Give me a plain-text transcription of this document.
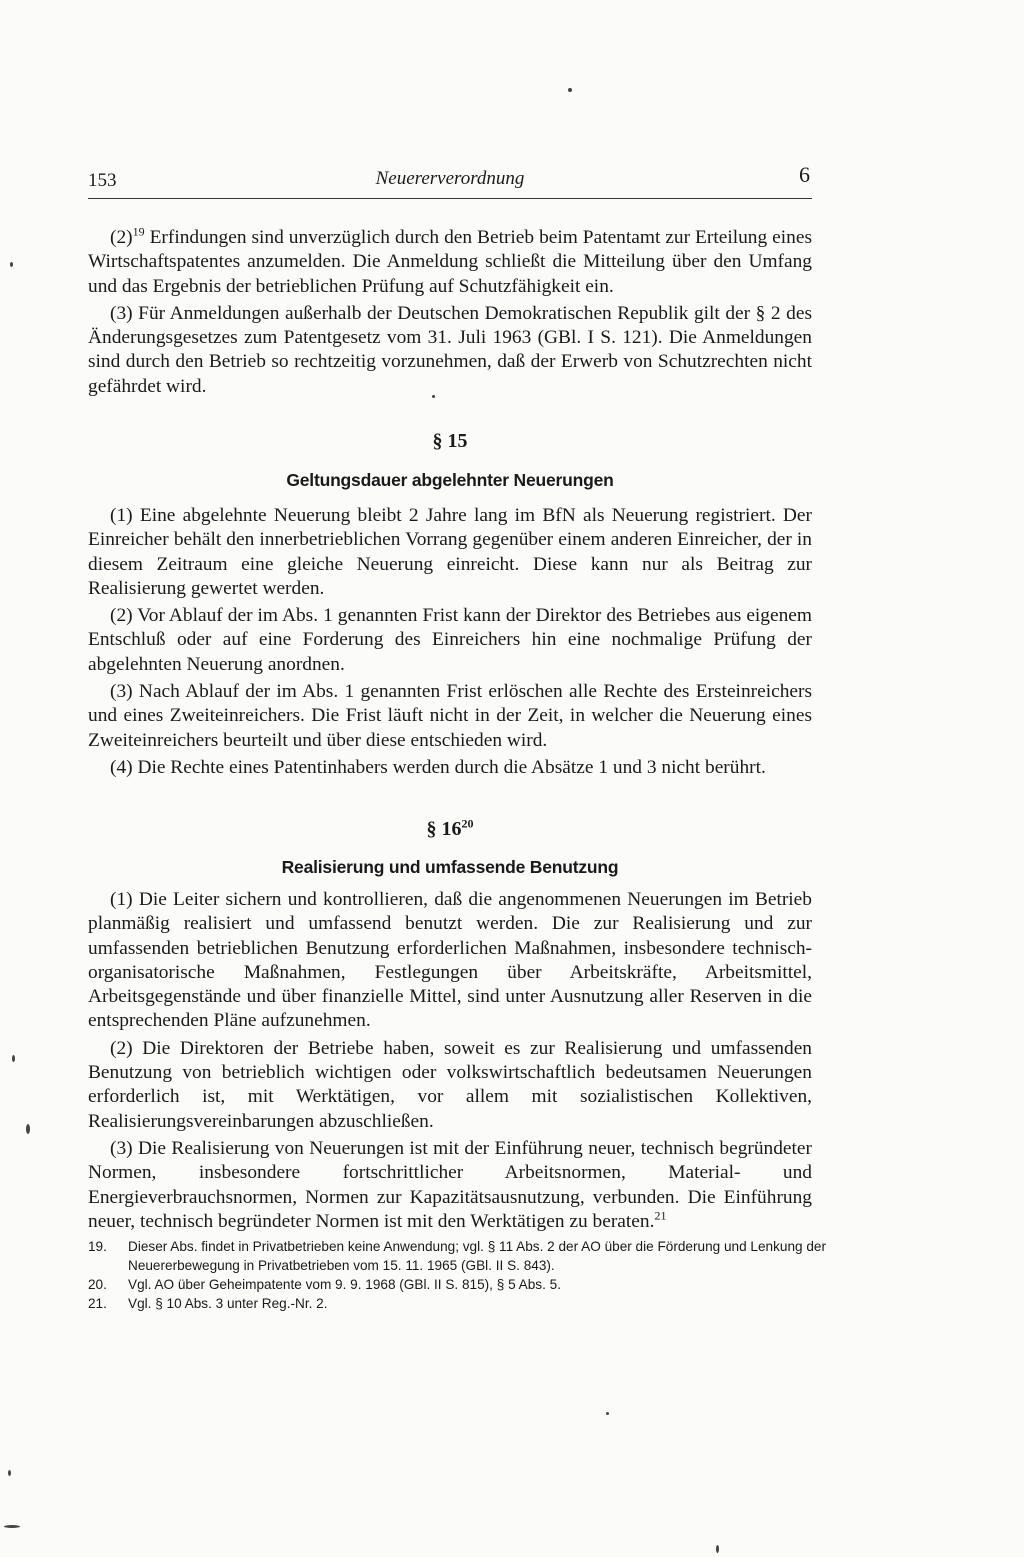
153	Neuererverordnung	6

$(2)^{19}$ Erfindungen sind unverzüglich durch den Betrieb beim Patentamt zur Erteilung eines Wirtschaftspatentes anzumelden. Die Anmeldung schließt die Mitteilung über den Umfang und das Ergebnis der betrieblichen Prüfung auf Schutzfähigkeit ein.

(3) Für Anmeldungen außerhalb der Deutschen Demokratischen Republik gilt der § 2 des Änderungsgesetzes zum Patentgesetz vom 31. Juli 1963 (GBl. I S. 121). Die Anmeldungen sind durch den Betrieb so rechtzeitig vorzunehmen, daß der Erwerb von Schutzrechten nicht gefährdet wird.

§ 15
Geltungsdauer abgelehnter Neuerungen

(1) Eine abgelehnte Neuerung bleibt 2 Jahre lang im BfN als Neuerung registriert. Der Einreicher behält den innerbetrieblichen Vorrang gegenüber einem anderen Einreicher, der in diesem Zeitraum eine gleiche Neuerung einreicht. Diese kann nur als Beitrag zur Realisierung gewertet werden.

(2) Vor Ablauf der im Abs. 1 genannten Frist kann der Direktor des Betriebes aus eigenem Entschluß oder auf eine Forderung des Einreichers hin eine nochmalige Prüfung der abgelehnten Neuerung anordnen.

(3) Nach Ablauf der im Abs. 1 genannten Frist erlöschen alle Rechte des Ersteinreichers und eines Zweiteinreichers. Die Frist läuft nicht in der Zeit, in welcher die Neuerung eines Zweiteinreichers beurteilt und über diese entschieden wird.

(4) Die Rechte eines Patentinhabers werden durch die Absätze 1 und 3 nicht berührt.

§ $16^{20}$
Realisierung und umfassende Benutzung

(1) Die Leiter sichern und kontrollieren, daß die angenommenen Neuerungen im Betrieb planmäßig realisiert und umfassend benutzt werden. Die zur Realisierung und zur umfassenden betrieblichen Benutzung erforderlichen Maßnahmen, insbesondere technisch-organisatorische Maßnahmen, Festlegungen über Arbeitskräfte, Arbeitsmittel, Arbeitsgegenstände und über finanzielle Mittel, sind unter Ausnutzung aller Reserven in die entsprechenden Pläne aufzunehmen.

(2) Die Direktoren der Betriebe haben, soweit es zur Realisierung und umfassenden Benutzung von betrieblich wichtigen oder volkswirtschaftlich bedeutsamen Neuerungen erforderlich ist, mit Werktätigen, vor allem mit sozialistischen Kollektiven, Realisierungsvereinbarungen abzuschließen.

(3) Die Realisierung von Neuerungen ist mit der Einführung neuer, technisch begründeter Normen, insbesondere fortschrittlicher Arbeitsnormen, Material- und Energieverbrauchsnormen, Normen zur Kapazitätsausnutzung, verbunden. Die Einführung neuer, technisch begründeter Normen ist mit den Werktätigen zu beraten.$^{21}$

19. Dieser Abs. findet in Privatbetrieben keine Anwendung; vgl. § 11 Abs. 2 der AO über die Förderung und Lenkung der Neuererbewegung in Privatbetrieben vom 15. 11. 1965 (GBl. II S. 843).
20. Vgl. AO über Geheimpatente vom 9. 9. 1968 (GBl. II S. 815), § 5 Abs. 5.
21. Vgl. § 10 Abs. 3 unter Reg.-Nr. 2.
